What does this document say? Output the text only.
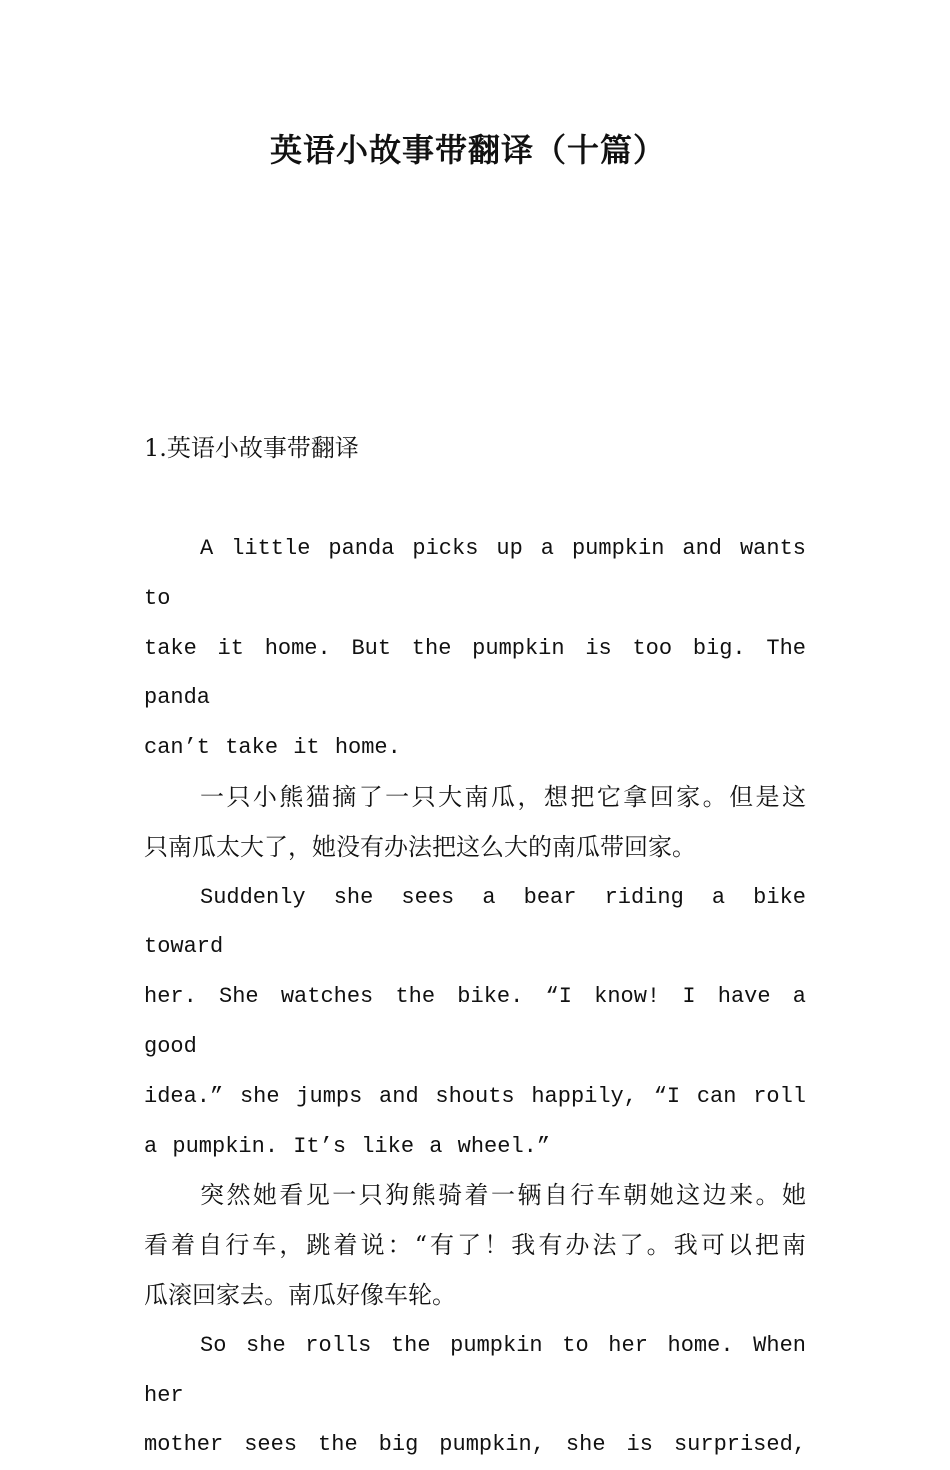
英语小故事带翻译（十篇）
1.英语小故事带翻译
A little panda picks up a pumpkin and wants to
take it home. But the pumpkin is too big. The panda
can’t take it home.
一只小熊猫摘了一只大南瓜，想把它拿回家。但是这
只南瓜太大了，她没有办法把这么大的南瓜带回家。
Suddenly she sees a bear riding a bike toward
her. She watches the bike. “I know! I have a good
idea.” she jumps and shouts happily, “I can roll
a pumpkin. It’s like a wheel.”
突然她看见一只狗熊骑着一辆自行车朝她这边来。她
看着自行车，跳着说：“有了！我有办法了。我可以把南
瓜滚回家去。南瓜好像车轮。
So she rolls the pumpkin to her home. When her
mother sees the big pumpkin, she is surprised,
